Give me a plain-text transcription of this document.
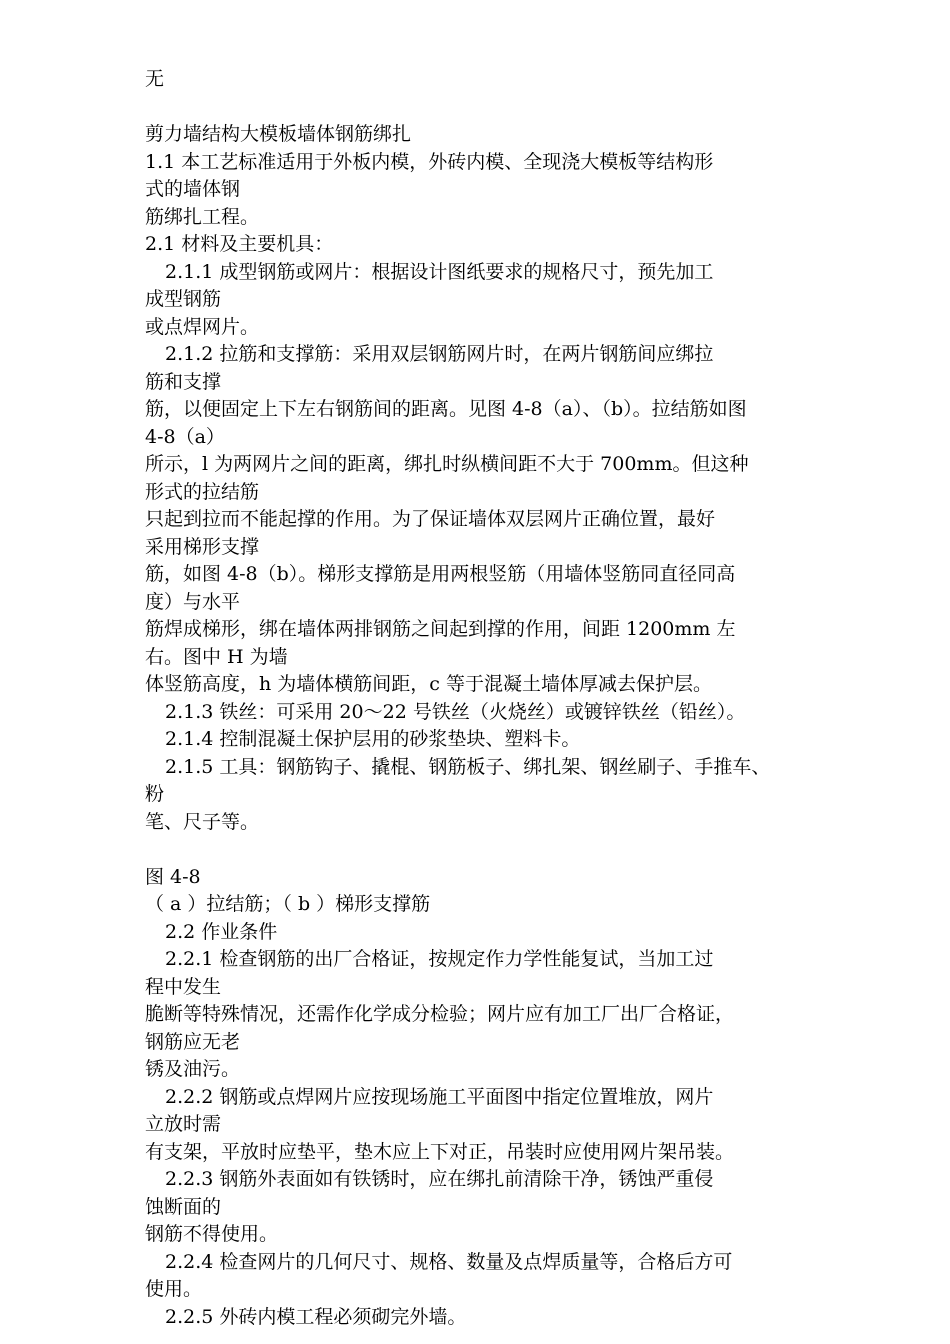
无
剪力墙结构大模板墙体钢筋绑扎
1.1 本工艺标准适用于外板内模，外砖内模、全现浇大模板等结构形
式的墙体钢
筋绑扎工程。
2.1 材料及主要机具：
2.1.1 成型钢筋或网片：根据设计图纸要求的规格尺寸，预先加工
成型钢筋
或点焊网片。
2.1.2 拉筋和支撑筋：采用双层钢筋网片时，在两片钢筋间应绑拉
筋和支撑
筋，以便固定上下左右钢筋间的距离。见图 4-8（a）、（b）。拉结筋如图
4-8（a）
所示，l 为两网片之间的距离，绑扎时纵横间距不大于 700mm。但这种
形式的拉结筋
只起到拉而不能起撑的作用。为了保证墙体双层网片正确位置，最好
采用梯形支撑
筋，如图 4-8（b）。梯形支撑筋是用两根竖筋（用墙体竖筋同直径同高
度）与水平
筋焊成梯形，绑在墙体两排钢筋之间起到撑的作用，间距 1200mm 左
右。图中 H 为墙
体竖筋高度，h 为墙体横筋间距，c 等于混凝土墙体厚减去保护层。
2.1.3 铁丝：可采用 20～22 号铁丝（火烧丝）或镀锌铁丝（铅丝）。
2.1.4 控制混凝土保护层用的砂浆垫块、塑料卡。
2.1.5 工具：钢筋钩子、撬棍、钢筋板子、绑扎架、钢丝刷子、手推车、
粉
笔、尺子等。
图 4-8
（ a ）拉结筋；（ b ）梯形支撑筋
2.2 作业条件
2.2.1 检查钢筋的出厂合格证，按规定作力学性能复试，当加工过
程中发生
脆断等特殊情况，还需作化学成分检验；网片应有加工厂出厂合格证，
钢筋应无老
锈及油污。
2.2.2 钢筋或点焊网片应按现场施工平面图中指定位置堆放，网片
立放时需
有支架，平放时应垫平，垫木应上下对正，吊装时应使用网片架吊装。
2.2.3 钢筋外表面如有铁锈时，应在绑扎前清除干净，锈蚀严重侵
蚀断面的
钢筋不得使用。
2.2.4 检查网片的几何尺寸、规格、数量及点焊质量等，合格后方可
使用。
2.2.5 外砖内模工程必须砌完外墙。
